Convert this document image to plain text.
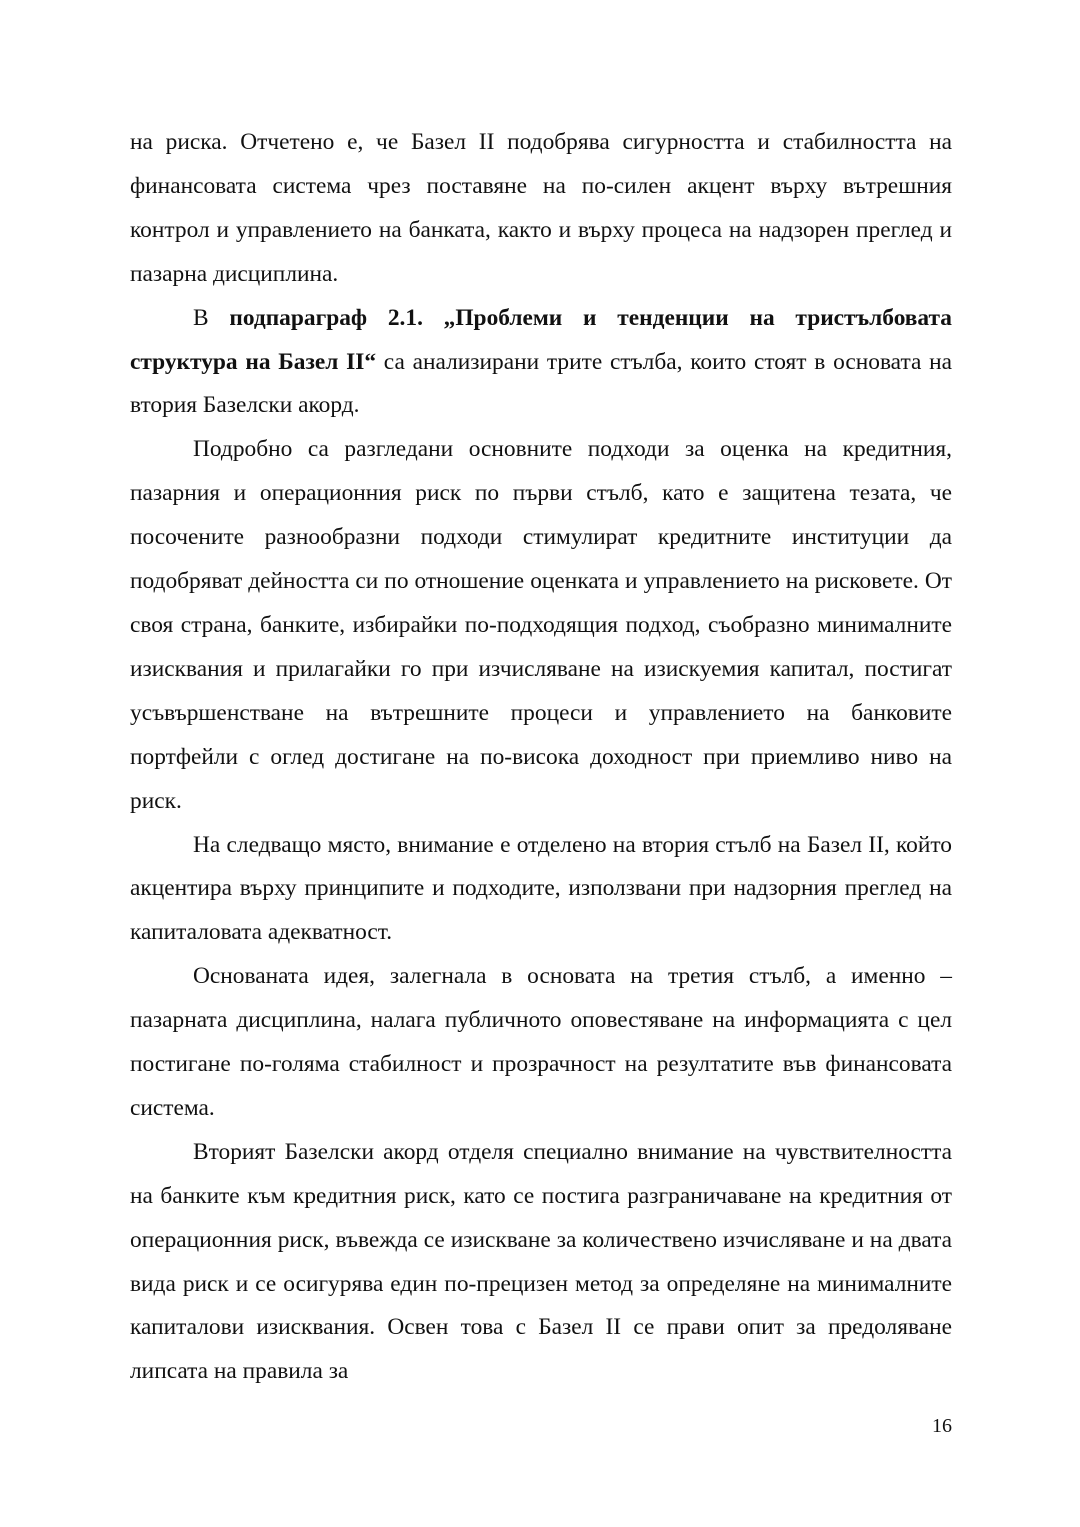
на риска. Отчетено е, че Базел II подобрява сигурността и стабилността на финансовата система чрез поставяне на по-силен акцент върху вътрешния контрол и управлението на банката, както и върху процеса на надзорен преглед и пазарна дисциплина.

В подпараграф 2.1. „Проблеми и тенденции на тристълбовата структура на Базел II“ са анализирани трите стълба, които стоят в основата на втория Базелски акорд.

Подробно са разгледани основните подходи за оценка на кредитния, пазарния и операционния риск по първи стълб, като е защитена тезата, че посочените разнообразни подходи стимулират кредитните институции да подобряват дейността си по отношение оценката и управлението на рисковете. От своя страна, банките, избирайки по-подходящия подход, съобразно минималните изисквания и прилагайки го при изчисляване на изискуемия капитал, постигат усъвършенстване на вътрешните процеси и управлението на банковите портфейли с оглед достигане на по-висока доходност при приемливо ниво на риск.

На следващо място, внимание е отделено на втория стълб на Базел II, който акцентира върху принципите и подходите, използвани при надзорния преглед на капиталовата адекватност.

Основаната идея, залегнала в основата на третия стълб, а именно – пазарната дисциплина, налага публичното оповестяване на информацията с цел постигане по-голяма стабилност и прозрачност на резултатите във финансовата система.

Вторият Базелски акорд отделя специално внимание на чувствителността на банките към кредитния риск, като се постига разграничаване на кредитния от операционния риск, въвежда се изискване за количествено изчисляване и на двата вида риск и се осигурява един по-прецизен метод за определяне на минималните капиталови изисквания. Освен това с Базел II се прави опит за предоляване липсата на правила за

16
